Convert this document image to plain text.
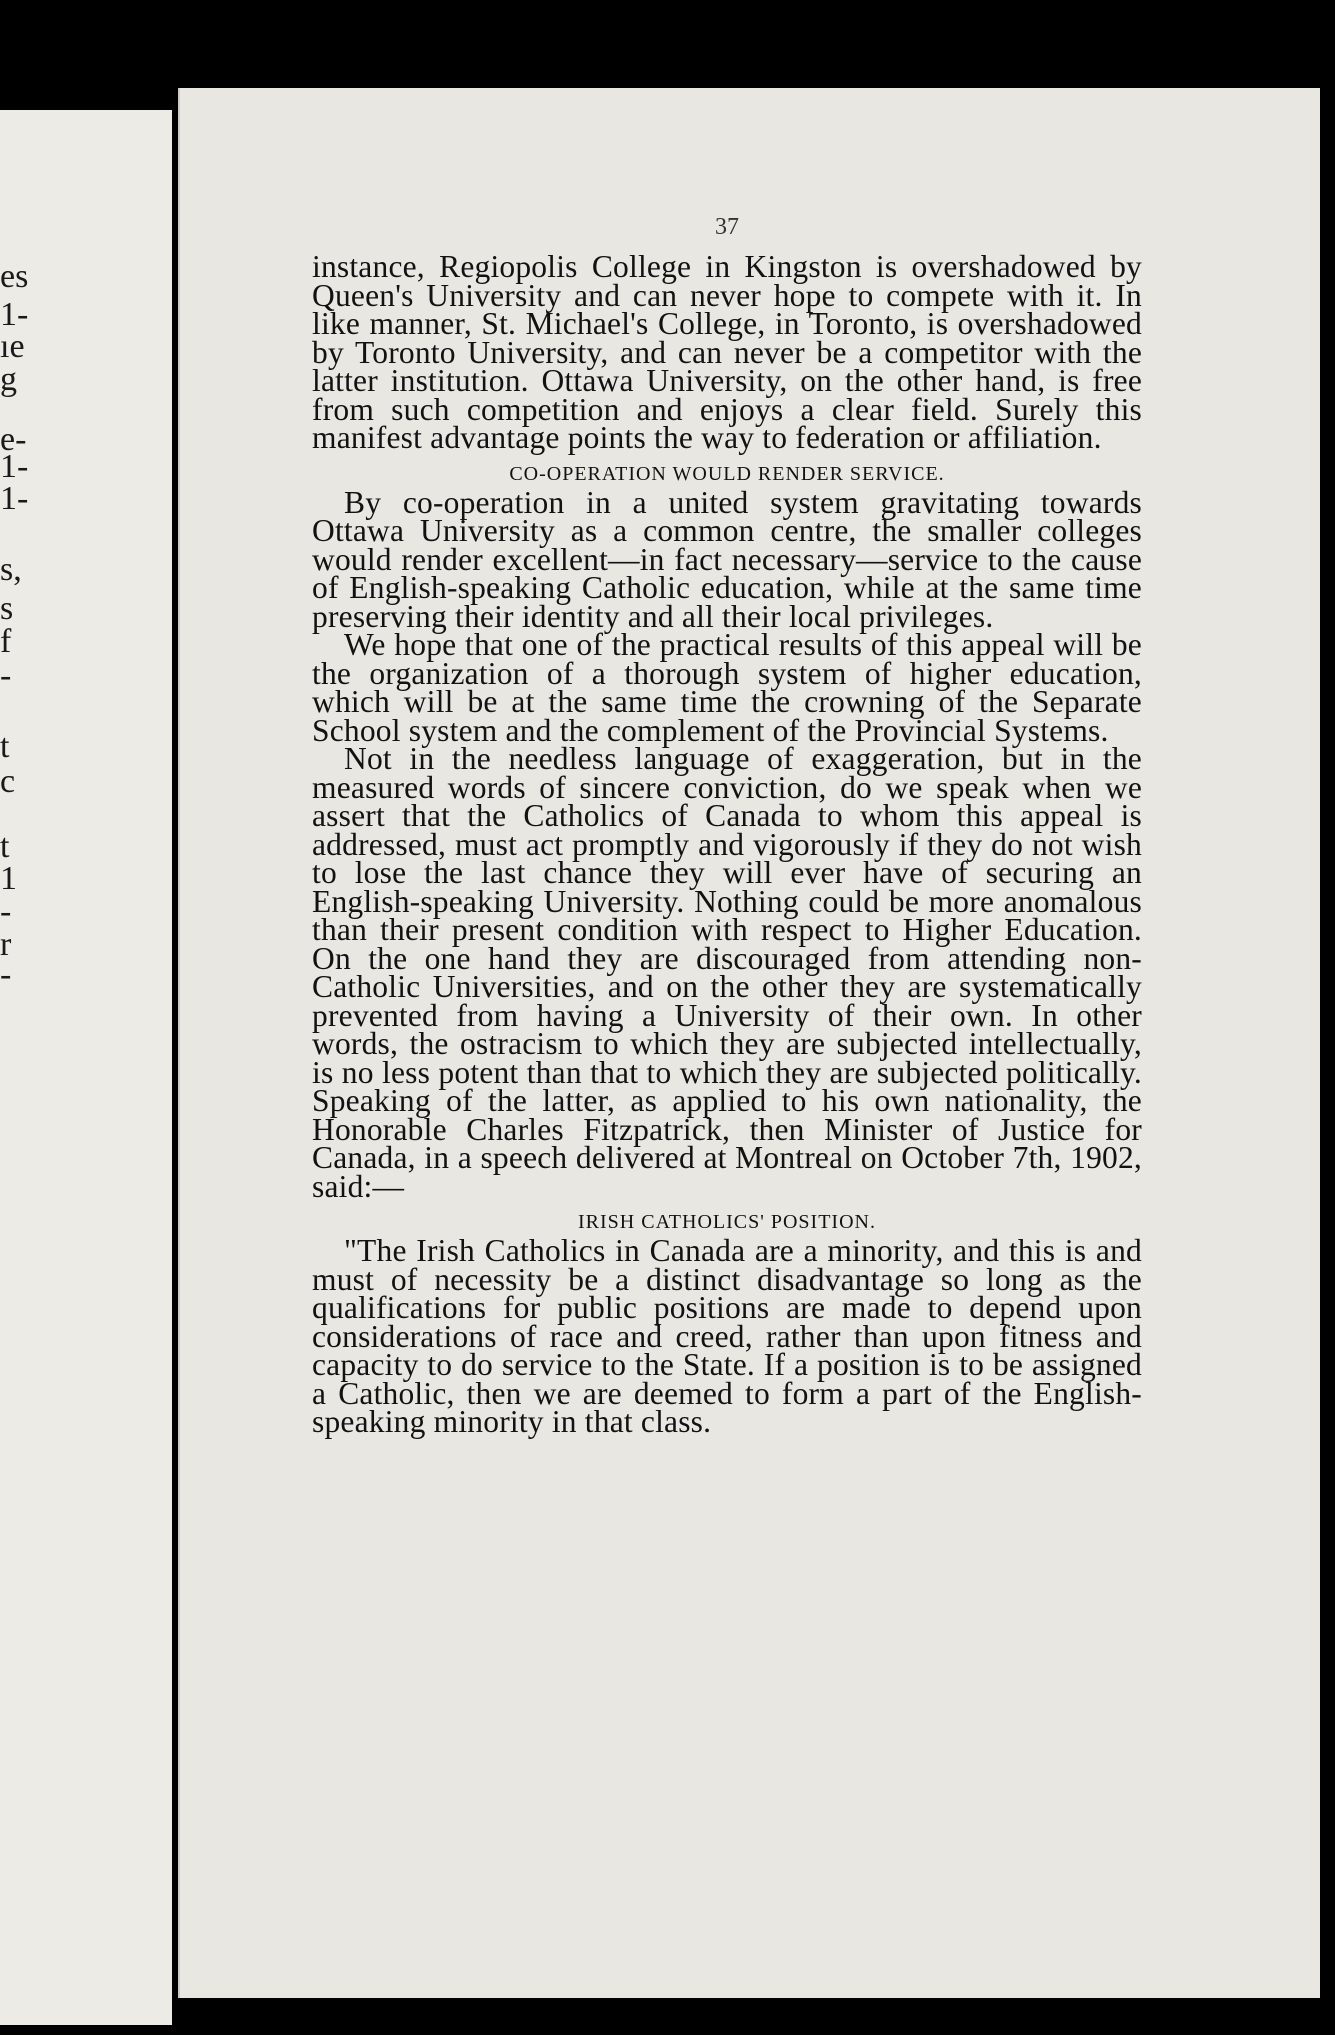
es
1-
ıe
g
e-
1-
1-
s,
s
f
-
t
c
t
1
-
r
-
37

instance, Regiopolis College in Kingston is overshadowed by Queen's University and can never hope to compete with it. In like manner, St. Michael's College, in Toronto, is overshadowed by Toronto University, and can never be a competitor with the latter institution. Ottawa University, on the other hand, is free from such competition and enjoys a clear field. Surely this manifest advantage points the way to federation or affiliation.

CO-OPERATION WOULD RENDER SERVICE.

By co-operation in a united system gravitating towards Ottawa University as a common centre, the smaller colleges would render excellent—in fact necessary—service to the cause of English-speaking Catholic education, while at the same time preserving their identity and all their local privileges.

We hope that one of the practical results of this appeal will be the organization of a thorough system of higher education, which will be at the same time the crowning of the Separate School system and the complement of the Provincial Systems.

Not in the needless language of exaggeration, but in the measured words of sincere conviction, do we speak when we assert that the Catholics of Canada to whom this appeal is addressed, must act promptly and vigorously if they do not wish to lose the last chance they will ever have of securing an English-speaking University. Nothing could be more anomalous than their present condition with respect to Higher Education. On the one hand they are discouraged from attending non-Catholic Universities, and on the other they are systematically prevented from having a University of their own. In other words, the ostracism to which they are subjected intellectually, is no less potent than that to which they are subjected politically. Speaking of the latter, as applied to his own nationality, the Honorable Charles Fitzpatrick, then Minister of Justice for Canada, in a speech delivered at Montreal on October 7th, 1902, said:—

IRISH CATHOLICS' POSITION.

"The Irish Catholics in Canada are a minority, and this is and must of necessity be a distinct disadvantage so long as the qualifications for public positions are made to depend upon considerations of race and creed, rather than upon fitness and capacity to do service to the State. If a position is to be assigned a Catholic, then we are deemed to form a part of the English-speaking minority in that class.
